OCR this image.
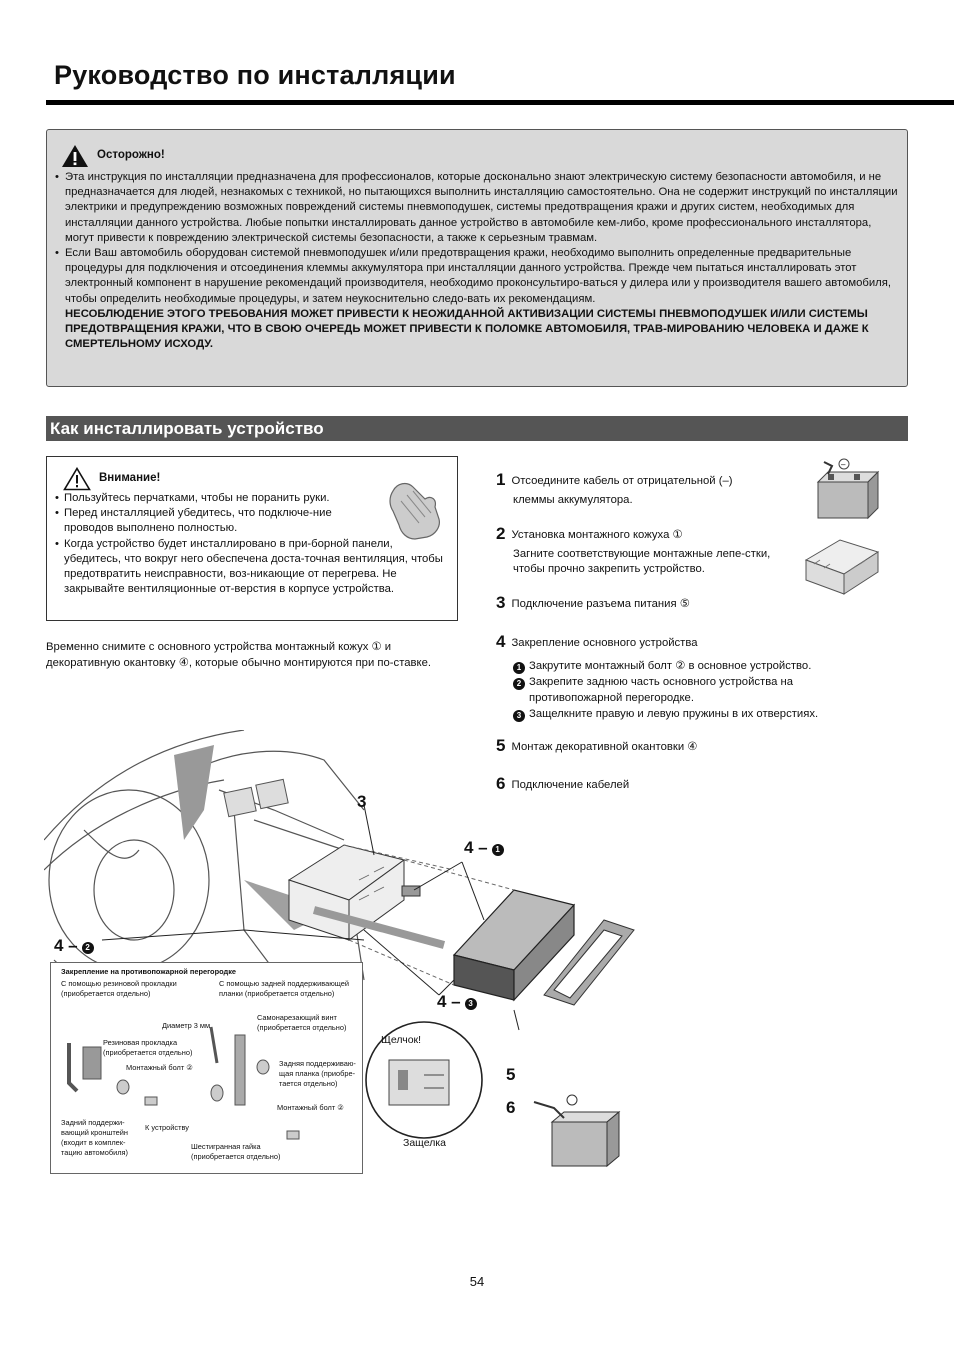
Руководство по инсталляции
Осторожно!
• Эта инструкция по инсталляции предназначена для профессионалов, которые досконально знают электрическую систему безопасности автомобиля, и не предназначается для людей, незнакомых с техникой, но пытающихся выполнить инсталляцию самостоятельно. Она не содержит инструкций по инсталляции электрики и предупреждению возможных повреждений системы пневмоподушек, системы предотвращения кражи и других систем, необходимых для инсталляции данного устройства. Любые попытки инсталлировать данное устройство в автомобиле кем-либо, кроме профессионального инсталлятора, могут привести к повреждению электрической системы безопасности, а также к серьезным травмам.
• Если Ваш автомобиль оборудован системой пневмоподушек и/или предотвращения кражи, необходимо выполнить определенные предварительные процедуры для подключения и отсоединения клеммы аккумулятора при инсталляции данного устройства. Прежде чем пытаться инсталлировать этот электронный компонент в нарушение рекомендаций производителя, необходимо проконсультиро-ваться у дилера или у производителя вашего автомобиля, чтобы определить необходимые процедуры, и затем неукоснительно следо-вать их рекомендациям.
НЕСОБЛЮДЕНИЕ ЭТОГО ТРЕБОВАНИЯ МОЖЕТ ПРИВЕСТИ К НЕОЖИДАННОЙ АКТИВИЗАЦИИ СИСТЕМЫ ПНЕВМОПОДУШЕК И/ИЛИ СИСТЕМЫ ПРЕДОТВРАЩЕНИЯ КРАЖИ, ЧТО В СВОЮ ОЧЕРЕДЬ МОЖЕТ ПРИВЕСТИ К ПОЛОМКЕ АВТОМОБИЛЯ, ТРАВ-МИРОВАНИЮ ЧЕЛОВЕКА И ДАЖЕ К СМЕРТЕЛЬНОМУ ИСХОДУ.
Как инсталлировать устройство
Внимание!
• Пользуйтесь перчатками, чтобы не поранить руки.
• Перед инсталляцией убедитесь, что подключе-ние проводов выполнено полностью.
• Когда устройство будет инсталлировано в при-борной панели, убедитесь, что вокруг него обеспечена доста-точная вентиляция, чтобы предотвратить неисправности, воз-никающие от перегрева. Не закрывайте вентиляционные от-верстия в корпусе устройства.
Временно снимите с основного устройства монтажный кожух ① и декоративную окантовку ④, которые обычно монтируются при по-ставке.
1 Отсоедините кабель от отрицательной (–)
клеммы аккумулятора.
2 Установка монтажного кожуха ①
Загните соответствующие монтажные лепе-стки, чтобы прочно закрепить устройство.
3 Подключение разъема питания ⑤
4 Закрепление основного устройства
1 Закрутите монтажный болт ② в основное устройство.
2 Закрепите заднюю часть основного устройства на противопожарной перегородке.
3 Защелкните правую и левую пружины в их отверстиях.
5 Монтаж декоративной окантовки ④
6 Подключение кабелей
–
3
4 – 1
4 – 2
4 – 3
5
6
Щелчок!
Защелка
Закрепление на противопожарной перегородке
С помощью резиновой прокладки (приобретается отдельно)
С помощью задней поддерживающей планки (приобретается отдельно)
Диаметр 3 мм
Резиновая прокладка (приобретается отдельно)
Монтажный болт ②
Задний поддержи-вающий кронштейн (входит в комплек-тацию автомобиля)
К устройству
Самонарезающий винт (приобретается отдельно)
Задняя поддерживаю-щая планка (приобре-тается отдельно)
Монтажный болт ②
Шестигранная гайка (приобретается отдельно)
54
